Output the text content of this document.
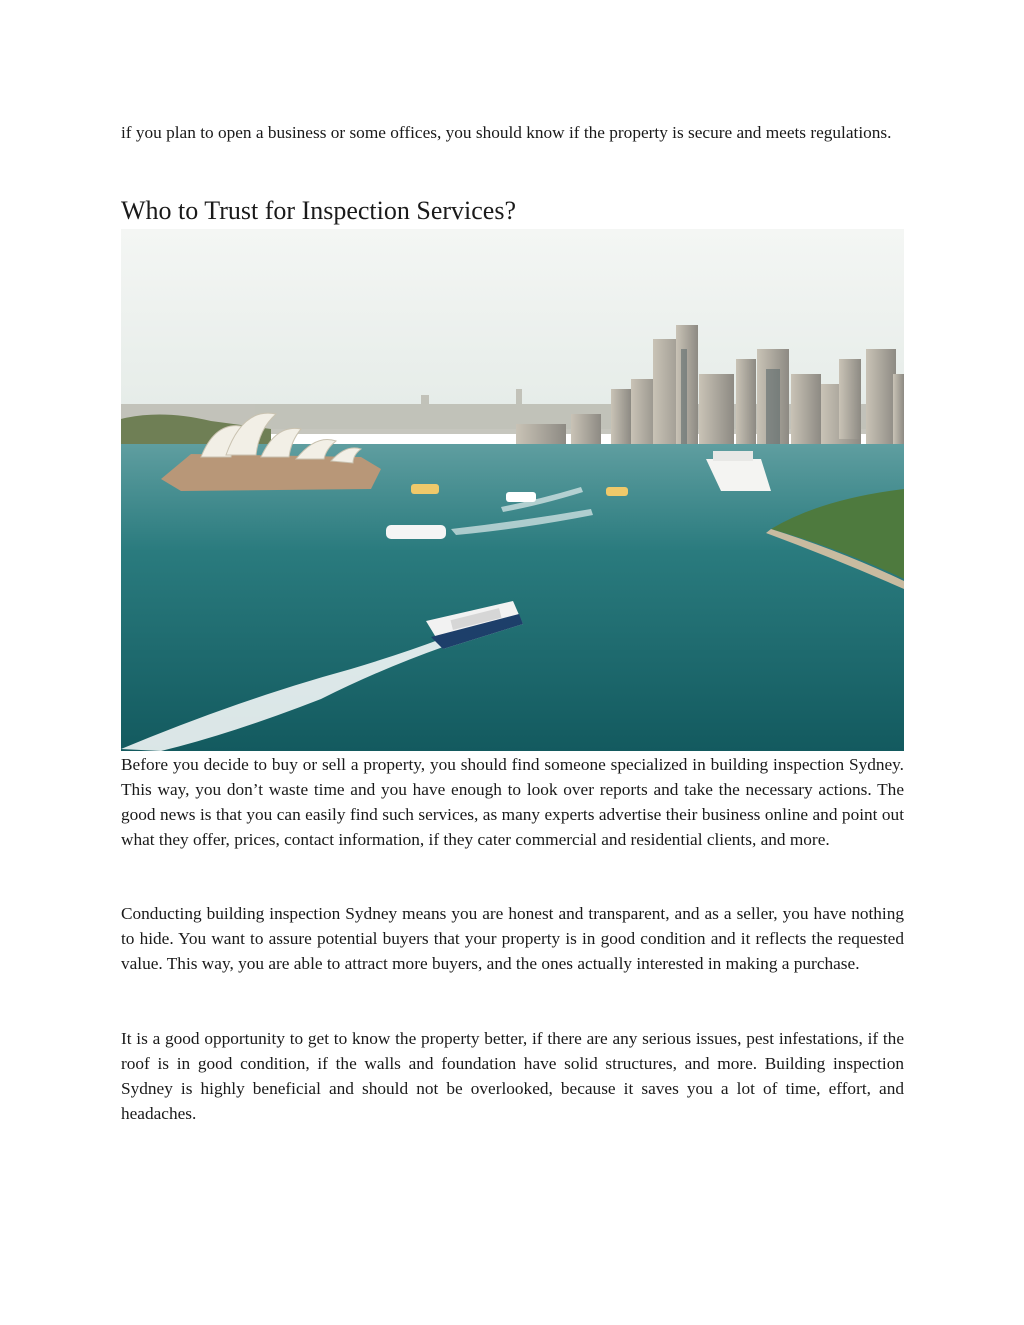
if you plan to open a business or some offices, you should know if the property is secure and meets regulations.

Who to Trust for Inspection Services?

Before you decide to buy or sell a property, you should find someone specialized in building inspection Sydney. This way, you don’t waste time and you have enough to look over reports and take the necessary actions. The good news is that you can easily find such services, as many experts advertise their business online and point out what they offer, prices, contact information, if they cater commercial and residential clients, and more.

Conducting building inspection Sydney means you are honest and transparent, and as a seller, you have nothing to hide. You want to assure potential buyers that your property is in good condition and it reflects the requested value. This way, you are able to attract more buyers, and the ones actually interested in making a purchase.

It is a good opportunity to get to know the property better, if there are any serious issues, pest infestations, if the roof is in good condition, if the walls and foundation have solid structures, and more. Building inspection Sydney is highly beneficial and should not be overlooked, because it saves you a lot of time, effort, and headaches.
